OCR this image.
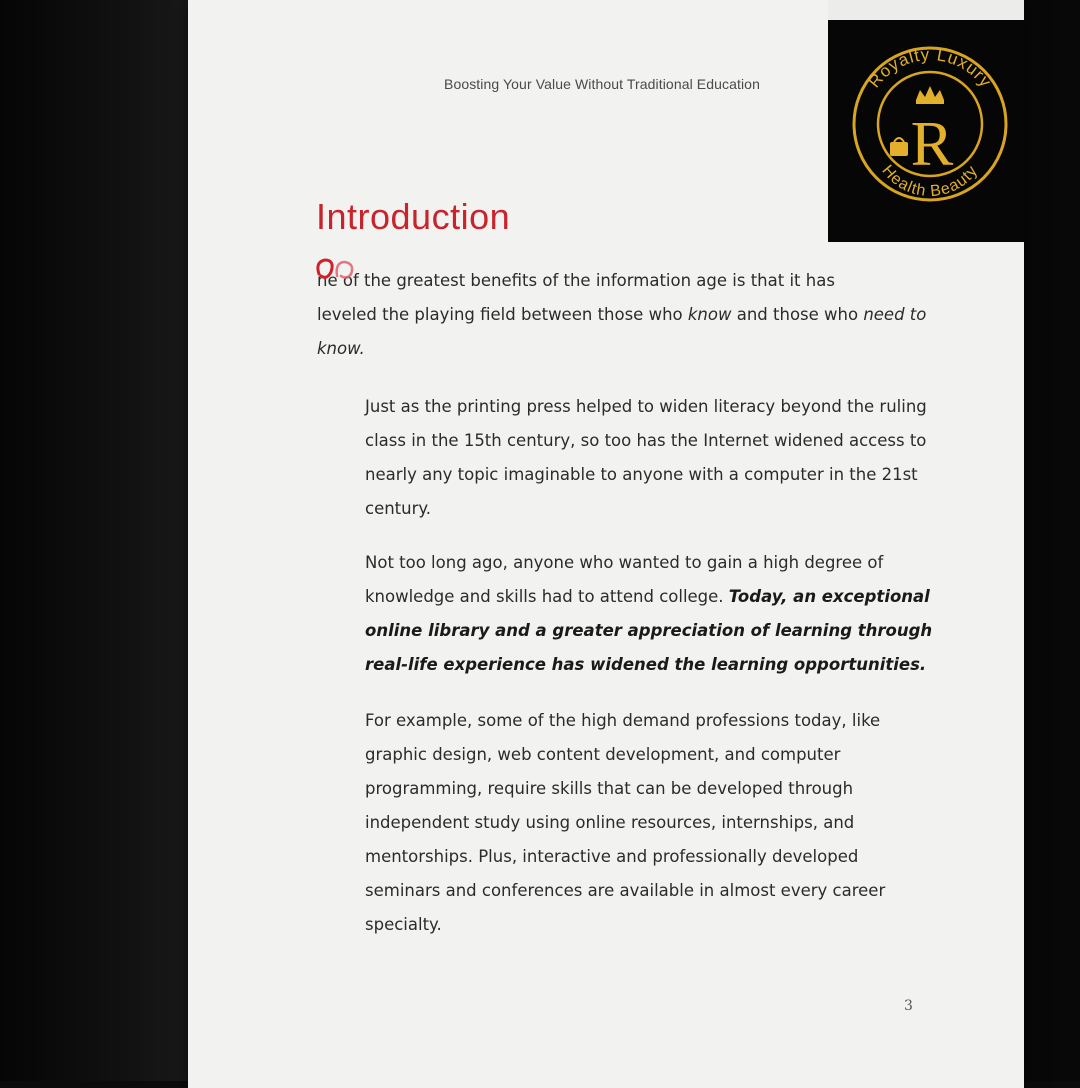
Boosting Your Value Without Traditional Education	Royalty Luxury
Health Beauty
R
Introduction
ne of the greatest benefits of the information age is that it has
leveled the playing field between those who know and those who need to
know.
Just as the printing press helped to widen literacy beyond the ruling class in the 15th century, so too has the Internet widened access to nearly any topic imaginable to anyone with a computer in the 21st century.
Not too long ago, anyone who wanted to gain a high degree of knowledge and skills had to attend college. Today, an exceptional online library and a greater appreciation of learning through real-life experience has widened the learning opportunities.
For example, some of the high demand professions today, like graphic design, web content development, and computer programming, require skills that can be developed through independent study using online resources, internships, and mentorships. Plus, interactive and professionally developed seminars and conferences are available in almost every career specialty.
3
